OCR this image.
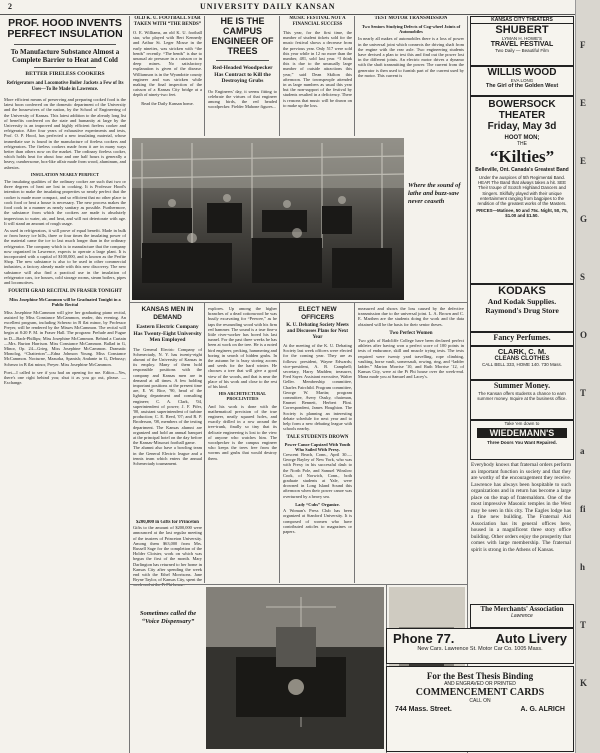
2	UNIVERSITY DAILY KANSAN
PROF. HOOD INVENTS PERFECT INSULATION
To Manufacture Substance Almost a Complete Barrier to Heat and Cold
BETTER FIRELESS COOKERS
Refrigerators and Locomotive Boiler Jackets a Few of Its Uses—To Be Made in Lawrence.
More efficient means of preserving and preparing cooked food is the latest boon conferred on the domestic department of the University and the housewives of the nation, by the School of Engineering of the University of Kansas. This latest addition to the already long list of benefits conferred on the state and humanity at large by the University is an improved and highly efficient fireless cooker and refrigerator. After four years of exhaustive experiments and tests, Prof. O. P. Hood, has perfected a new insulating material, whose immediate use is found in the manufacture of fireless cookers and refrigerators. The fireless cookers made from it are in many ways better than others now on the market. The ordinary fireless cooker, which holds heat for about four and one half hours is generally a heavy, cumbersome, box-like affair made from wood, aluminum, and asbestos.
INSULATION NEARLY PERFECT
The insulating qualities of the ordinary cooker are such that two or three degrees of heat are lost in cooking. It is Professor Hood's intention to make the insulating properties so nearly perfect that the cooker is made more compact, and so efficient that no other place to cook food or heat a house is necessary. The new process makes the food cook in a manner as nearly sanitary as possible. Furthermore, the substance from which the cookers are made is absolutely impervious to water, air, and heat, and will not deteriorate with age. It will stand an amount of rough usage.
As used in refrigerators, it will prove of equal benefit. Made in bulk or from heavy ice hills, three or four times the insulating power of the material came the ice to last much longer than in the ordinary refrigerator. The company which is to manufacture that the company now organized in Lawrence, expects to operate a large plant. It is incorporated with a capital of $100,000, and is known as the Perfite Shop. The new substance is also to be used in other commercial industries, a factory already made with this new discovery. The new substance will also find a practical use in the insulation of refrigerator cars, ice houses, cold storage rooms, steam boilers, pipes and locomotives.
FOURTH GRAD RECITAL IN FRASER TONIGHT
Miss Josephine McCammon will be Graduated Tonight in a Public Recital
Miss Josephine McCammon will give her graduating piano recital, assisted by Miss Constance McCammon, reader, this evening. An excellent program, including Scherzo in B flat minor, by Professor Preyer, will be rendered by the Misses McCammon. The recital will begin at 8:20 P. M. in Fraser Hall. The program: Prelude and Fugue in D—Bach-Phillips; Miss Josephine McCammon. Behind a Curtain—Mrs. Burton Harrison. Miss Constance McCammon. Ballad in G, Minor, Op. 24—Grieg. Miss Josephine McCammon. Dramatic Monolog, “Chatterton”—Edna Johnson Young. Miss Constance McCammon. Nocturne, Mazurka, Spanish; Andante in G, Debussy; Scherzo in B flat minor, Preyer. Miss Josephine McCammon.
Poet—I called to see if you had an opening for me. Editor—Yes, there's one right behind you; shut it as you go out, please. —Exchange.
OLD K. U. FOOTBALL STAR TAKEN WITH “THE BENDS”
O. E. Williams, an old K. U. football star, who played with Bert Kennedy and Arthur St. Leger Mosse in the early nineties, was stricken with “the bends” recently. “The bends” is due to unusual air pressure in a caisson or in deep mines. No satisfactory explanation is given of the disease. Williamson is in the Wyandotte county engineer and was stricken while making the final inspection of the caisson of a Kansas City bridge at a depth of ninety-two feet.
Read the Daily Kansan home.
HE IS THE CAMPUS ENGINEER OF TREES
Red-Headed Woodpecker Has Contract to Kill the Destroying Grubs
Oo Engineers' day, it seems fitting to celebrate the virtues of that engineer among birds, the red headed woodpecker. Fielder Mahone figures...
MUSIC FESTIVAL NOT A FINANCIAL SUCCESS
This year, for the first time, the number of student tickets sold for the music festival shows a decrease from the previous year. Only 517 were sold this year while in 12 no more than the number, 481, sold last year. “I think this is due to the unusually large number of outside attractions this year,” said Dean Skilton this afternoon. The townspeople attended in as large numbers as usual this year but the non-support of the festival by students resulted in a deficiency. There is reasons that music will be drawn on to make up the loss.
TEST MOTOR TRANSMISSION
Two Seniors Studying Defects of Cog-wheel Joints of Automobiles
In nearly all makes of automobiles there is a loss of power in the universal joint which connects the driving shaft from the engine with the rear axle. Two engineering students have devised a plan to test this and find out the power lost in the different joints. An electric motor drives a dynamo with the shaft transmitting the power. The current from the generator is then used to furnish part of the current used by the motor. This current is
Where the sound of lathe and buzz-saw never ceaseth
KANSAS MEN IN DEMAND
Eastern Electric Company Has Twenty-Eight University Men Employed
The General Electric Company of Schenectady, N. Y. has twenty-eight alumni of the University of Kansas in its employ. Many of them hold responsible positions with the company and Kansas men are in demand at all times. A few holding important positions at the present time are, E. W. Rice, '90, head of the lighting department and consulting engineer; C. A. Clark, '04, superintendent of power; J. F. Pifer, '00, assistant superintendent of turbine production; C. E. Reed, '07; and R. P. Broderson, '08, members of the testing department. The Kansas alumni are organized and hold an annual banquet at the principal hotel on the day before the Kansas-Missouri football game.
The alumni also have a bowling team in the General Electric league and a tennis team which enters the annual Schenectady tournament.
explores. Up among the higher branches of a dead cottonwood he was busily excavating for “Peewee,” as he taps the resounding wood with his firm red hammer. The sound is a true fine-a little river-worker has bored his last tunnel. For the past three weeks he has been at work on the tree. He is a noted bird engineer, pecking, hammering and boring in search of hidden grubs. In the autumn he is busy storing acorns and seeds for the hard winter. He chooses a tree that will give a good view of the woods, and that is near the place of his work and close to the rest of his kind.
HIS ARCHITECTURAL PROCLIVITIES
And his work is done with the mathematical precision of the true engineer, neatly squared holes, and exactly drilled in a row around the tree-trunk, finally so tiny that its delicate engineering is lost to the view of anyone who watches him. The woodpecker is the campus engineer who keeps the trees free from the worms and grubs that would destroy them.
ELECT NEW OFFICERS
K. U. Debating Society Meets and Discusses Plans for Next Year
At the meeting of the K. U. Debating Society last week officers were elected for the coming year. They are as follows: president, Wayne Edwards; vice-president, A. B. Campbell; secretary, Harry Madden; treasurer, Fred Sayer. Assistant executive, Walter Geller. Membership committee, Charles Fairchild. Program committee, George W. Martin; program committee, Avery Ousky, chairman, Emmet Bennett, Herbert Flint. Correspondent, James Houghton. The Society is planning an interesting debate schedule for next year and to help form a new debating league with schools nearby.
TALE STUDENTS DROWN
Power Canoe Capsized With Youth Who Sailed With Prexy.
Crescent Beach, Conn., April 30.—George Bayley of New York, who was with Prexy in his successful dash to the North Pole, and Samuel Winslow Cook, of Norwich, Conn., both graduate students at Yale, were drowned in Long Island Sound this afternoon when their power canoe was overturned by a heavy sea.
Lady “Cubs” Organize.
A Woman's Press Club has been organized at Stanford University. It is composed of women who have contributed articles to magazines or papers.
measured and shows the loss caused by the defective transmission due to the universal joint. L. A. Brown and C. E. Marthen are the students doing the work and the data obtained will be the basis for their senior theses.
Two Perfect Women
Two girls of Radcliffe College have been declared perfect athletes after having won a perfect score of 100 points in tests of endurance, skill and muscle trying tests. The tests required were twenty yard travelling, rope climbing, vaulting, horse vault, somersault, rowing, ring, and “ladder ladder.” Marion Morrise '10, and Ruth Morrise '12, of Kansas City, were at the Pi Phi house over the week-end. Mona made you at Samuel and Lacey's.
$200,000 in Gifts for Princeton
Gifts to the amount of $200,000 were announced at the last regular meeting of the trustees of Princeton University. Among them $63,000 from Mrs. Russell Sage for the completion of the Holder Cloister, work on which was begun the first of the month. Mary Darlington has returned to her home in Kansas City after spending the week end with the Ethel Morrisons. Jane Bryne Taylor, of Kansas City, spent the
Sometimes called the “Voice Dispensary”
KANSAS CITY THEATERS
SHUBERT
LYMAN H. HOWE'S
TRAVEL FESTIVAL
Two Daily — Beautiful Film
WILLIS WOOD
EVA LONG
The Girl of the Golden West
BOWERSOCK THEATER
Friday, May 3d
HOOT MON;
THE
“Kilties”
Belleville, Ont. Canada's Greatest Band
Under the auspices of 5th Regimental Band. HEAR The Band that always takes a hit. SEE Their troupe of Scotch Highland Dancers and Singers. Skilfully played with their unique entertainment ranging from bagpipes to the rendition of the greatest works of the Masters.
PRICES—Matinee, 50 and 75c. Night, 50, 75, $1.00 and $1.50.
KODAKS
And Kodak Supplies.
Raymond's Drug Store
Fancy Perfumes.
CLARK, C. M.
CLEANS CLOTHES
CALL BELL 333, HOME 140. 730 Mass.
Summer Money.
The Kansan offers students a chance to earn summer money. Inquire at the business office.
Take 'em down to
WIEDEMANN'S
Three Doors You Want Repaired.
Everybody knows that fraternal orders perform an important function in society and that they are worthy of the encouragement they receive. Lawrence has always been hospitable to such organizations and in return has become a large place on the map of fraternaldom. One of the most impressive Masonic temples in the West may be seen in this city. The Eagles lodge has a fine new building. The Fraternal Aid Association has its general offices here, housed in a magnificent three story office building. Other orders enjoy the prosperity that comes with large membership. The fraternal spirit is strong in the Athens of Kansas.
The Merchants' Association
Lawrence
Phone 77.	Auto Livery
New Cars. Lawrence St. Motor Car Co. 1005 Mass.
For the Best Thesis Binding
AND ENGRAVED OR PRINTED
COMMENCEMENT CARDS
CALL ON
744 Mass. Street.	A. G. ALRICH
F
E
E
G
S
O
T
a
fi
h
T
K
